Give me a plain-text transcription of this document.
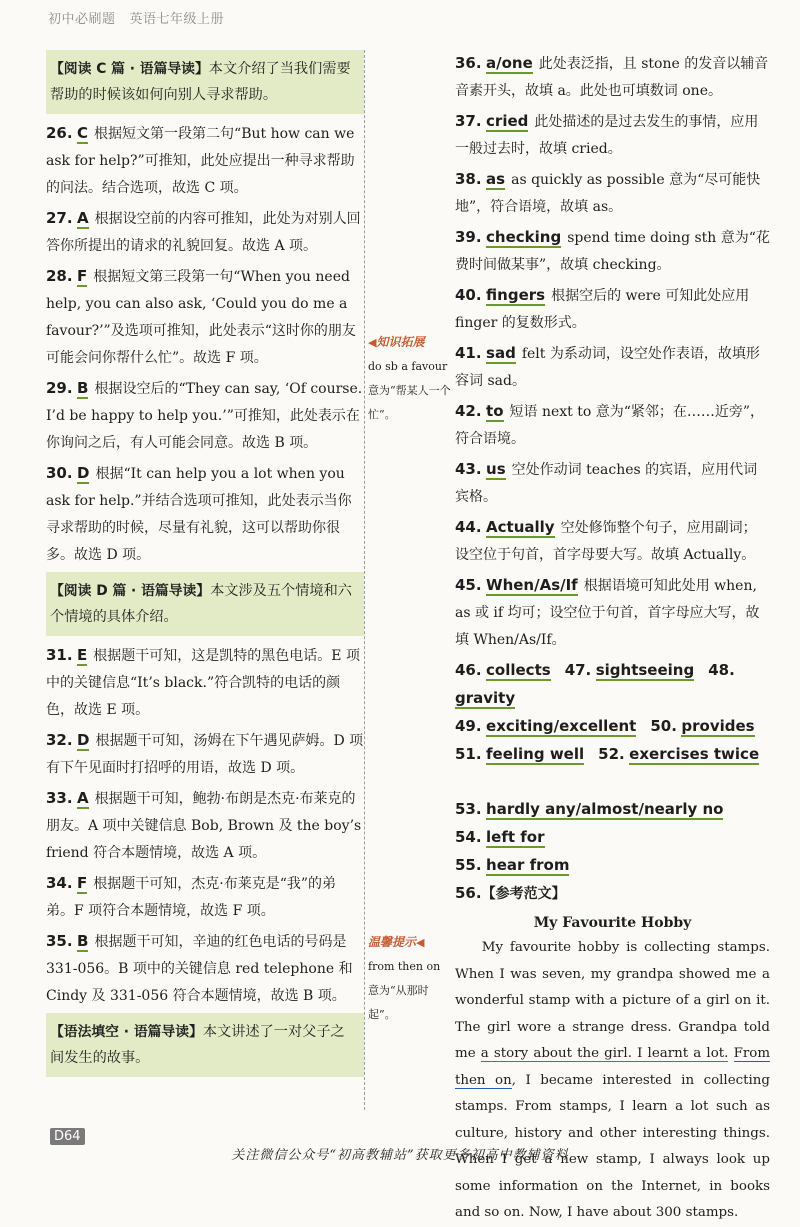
初中必刷题 英语七年级上册
【阅读 C 篇 · 语篇导读】本文介绍了当我们需要帮助的时候该如何向别人寻求帮助。
26. C 根据短文第一段第二句“But how can we ask for help?”可推知，此处应提出一种寻求帮助的问法。结合选项，故选 C 项。
27. A 根据设空前的内容可推知，此处为对别人回答你所提出的请求的礼貌回复。故选 A 项。
28. F 根据短文第三段第一句“When you need help, you can also ask, ‘Could you do me a favour?’”及选项可推知，此处表示“这时你的朋友可能会问你帮什么忙”。故选 F 项。
29. B 根据设空后的“They can say, ‘Of course. I’d be happy to help you.’”可推知，此处表示在你询问之后，有人可能会同意。故选 B 项。
30. D 根据“It can help you a lot when you ask for help.”并结合选项可推知，此处表示当你寻求帮助的时候，尽量有礼貌，这可以帮助你很多。故选 D 项。
【阅读 D 篇 · 语篇导读】本文涉及五个情境和六个情境的具体介绍。
31. E 根据题干可知，这是凯特的黑色电话。E 项中的关键信息“It’s black.”符合凯特的电话的颜色，故选 E 项。
32. D 根据题干可知，汤姆在下午遇见萨姆。D 项有下午见面时打招呼的用语，故选 D 项。
33. A 根据题干可知，鲍勃·布朗是杰克·布莱克的朋友。A 项中关键信息 Bob, Brown 及 the boy’s friend 符合本题情境，故选 A 项。
34. F 根据题干可知，杰克·布莱克是“我”的弟弟。F 项符合本题情境，故选 F 项。
35. B 根据题干可知，辛迪的红色电话的号码是 331-056。B 项中的关键信息 red telephone 和 Cindy 及 331-056 符合本题情境，故选 B 项。
【语法填空 · 语篇导读】本文讲述了一对父子之间发生的故事。
◀知识拓展
do sb a favour 意为“帮某人一个忙”。
温馨提示◀
from then on 意为“从那时起”。
36. a/one 此处表泛指，且 stone 的发音以辅音音素开头，故填 a。此处也可填数词 one。
37. cried 此处描述的是过去发生的事情，应用一般过去时，故填 cried。
38. as as quickly as possible 意为“尽可能快地”，符合语境，故填 as。
39. checking spend time doing sth 意为“花费时间做某事”，故填 checking。
40. fingers 根据空后的 were 可知此处应用 finger 的复数形式。
41. sad felt 为系动词，设空处作表语，故填形容词 sad。
42. to 短语 next to 意为“紧邻；在……近旁”，符合语境。
43. us 空处作动词 teaches 的宾语，应用代词宾格。
44. Actually 空处修饰整个句子，应用副词；设空位于句首，首字母要大写。故填 Actually。
45. When/As/If 根据语境可知此处用 when, as 或 if 均可；设空位于句首，首字母应大写，故填 When/As/If。
46. collects 47. sightseeing 48. gravity
49. exciting/excellent 50. provides
51. feeling well 52. exercises twice
53. hardly any/almost/nearly no
54. left for
55. hear from
56.【参考范文】
My Favourite Hobby

My favourite hobby is collecting stamps. When I was seven, my grandpa showed me a wonderful stamp with a picture of a girl on it. The girl wore a strange dress. Grandpa told me a story about the girl. I learnt a lot. From then on, I became interested in collecting stamps. From stamps, I learn a lot such as culture, history and other interesting things. When I get a new stamp, I always look up some information on the Internet, in books and so on. Now, I have about 300 stamps.

D64
关注微信公众号“初高教辅站”获取更多初高中教辅资料
